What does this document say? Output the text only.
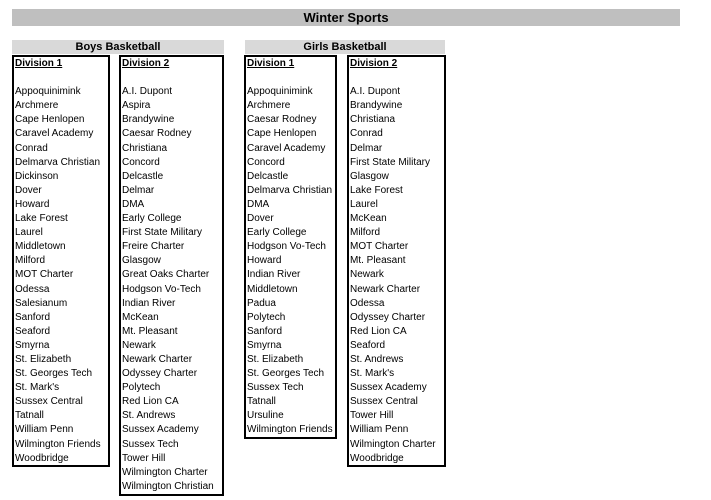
Winter Sports
Boys Basketball	Girls Basketball
Division 1
Appoquinimink
Archmere
Cape Henlopen
Caravel Academy
Conrad
Delmarva Christian
Dickinson
Dover
Howard
Lake Forest
Laurel
Middletown
Milford
MOT Charter
Odessa
Salesianum
Sanford
Seaford
Smyrna
St. Elizabeth
St. Georges Tech
St. Mark's
Sussex Central
Tatnall
William Penn
Wilmington Friends
Woodbridge
Division 2
A.I. Dupont
Aspira
Brandywine
Caesar Rodney
Christiana
Concord
Delcastle
Delmar
DMA
Early College
First State Military
Freire Charter
Glasgow
Great Oaks Charter
Hodgson Vo-Tech
Indian River
McKean
Mt. Pleasant
Newark
Newark Charter
Odyssey Charter
Polytech
Red Lion CA
St. Andrews
Sussex Academy
Sussex Tech
Tower Hill
Wilmington Charter
Wilmington Christian
Division 1
Appoquinimink
Archmere
Caesar Rodney
Cape Henlopen
Caravel Academy
Concord
Delcastle
Delmarva Christian
DMA
Dover
Early College
Hodgson Vo-Tech
Howard
Indian River
Middletown
Padua
Polytech
Sanford
Smyrna
St. Elizabeth
St. Georges Tech
Sussex Tech
Tatnall
Ursuline
Wilmington Friends
Division 2
A.I. Dupont
Brandywine
Christiana
Conrad
Delmar
First State Military
Glasgow
Lake Forest
Laurel
McKean
Milford
MOT Charter
Mt. Pleasant
Newark
Newark Charter
Odessa
Odyssey Charter
Red Lion CA
Seaford
St. Andrews
St. Mark's
Sussex Academy
Sussex Central
Tower Hill
William Penn
Wilmington Charter
Woodbridge
